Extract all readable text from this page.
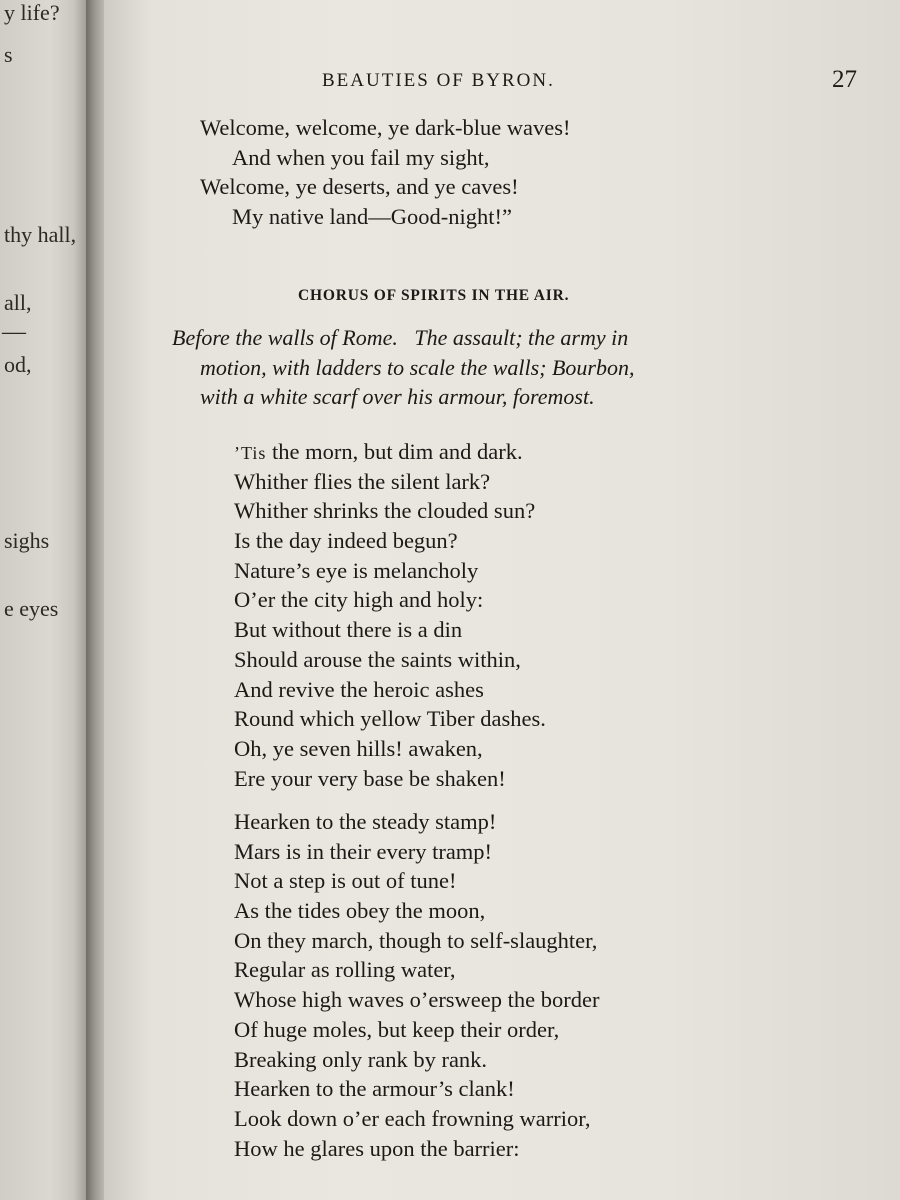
y life?
s
thy hall,
all,
—
od,
sighs
e eyes
BEAUTIES OF BYRON.	27
Welcome, welcome, ye dark-blue waves!
And when you fail my sight,
Welcome, ye deserts, and ye caves!
My native land—Good-night!”
CHORUS OF SPIRITS IN THE AIR.
Before the walls of Rome.   The assault; the army in
motion, with ladders to scale the walls; Bourbon,
with a white scarf over his armour, foremost.
’Tis the morn, but dim and dark.
Whither flies the silent lark?
Whither shrinks the clouded sun?
Is the day indeed begun?
Nature’s eye is melancholy
O’er the city high and holy:
But without there is a din
Should arouse the saints within,
And revive the heroic ashes
Round which yellow Tiber dashes.
Oh, ye seven hills! awaken,
Ere your very base be shaken!
Hearken to the steady stamp!
Mars is in their every tramp!
Not a step is out of tune!
As the tides obey the moon,
On they march, though to self-slaughter,
Regular as rolling water,
Whose high waves o’ersweep the border
Of huge moles, but keep their order,
Breaking only rank by rank.
Hearken to the armour’s clank!
Look down o’er each frowning warrior,
How he glares upon the barrier:
